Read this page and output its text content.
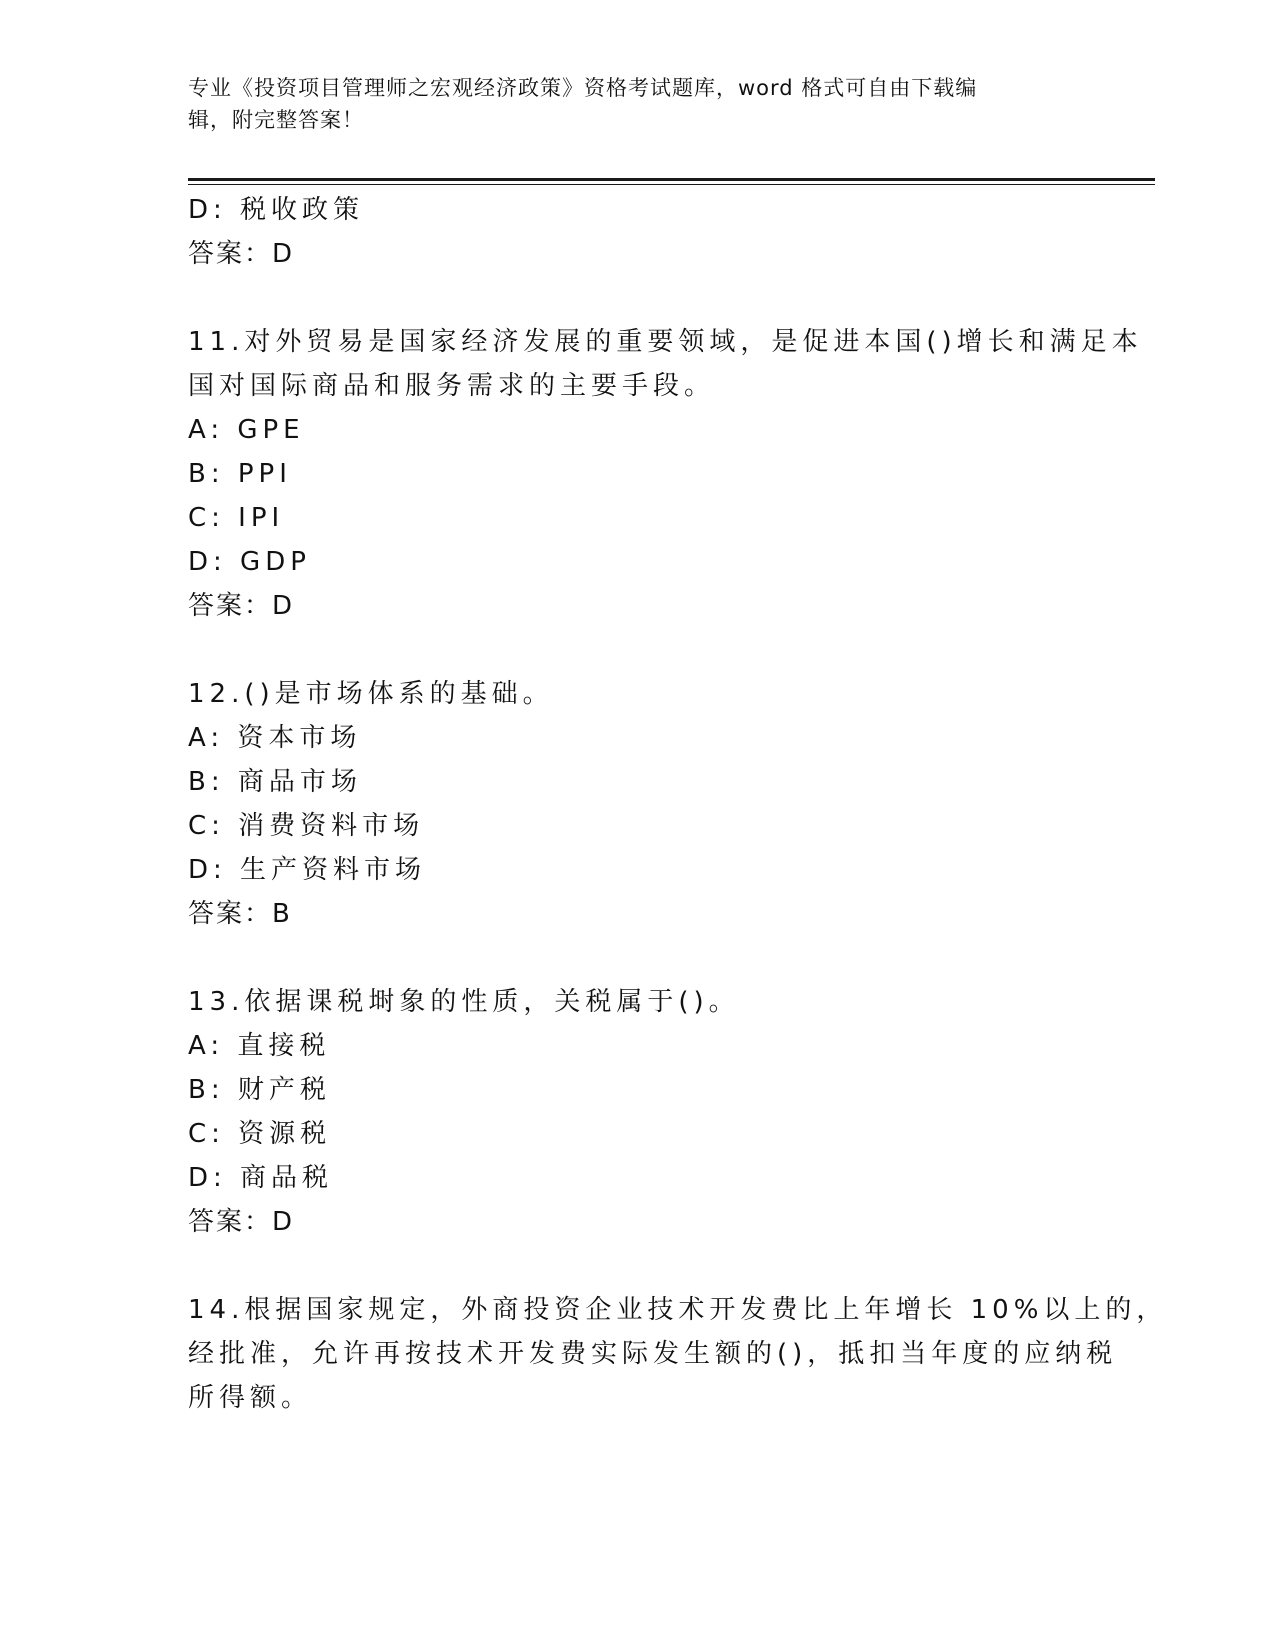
专业《投资项目管理师之宏观经济政策》资格考试题库，word 格式可自由下载编
辑，附完整答案！
D: 税收政策
答案：D
11.对外贸易是国家经济发展的重要领域，是促进本国()增长和满足本
国对国际商品和服务需求的主要手段。
A: GPE
B: PPI
C: IPI
D: GDP
答案：D
12.()是市场体系的基础。
A: 资本市场
B: 商品市场
C: 消费资料市场
D: 生产资料市场
答案：B
13.依据课税埘象的性质，关税属于()。
A: 直接税
B: 财产税
C: 资源税
D: 商品税
答案：D
14.根据国家规定，外商投资企业技术开发费比上年增长 10%以上的，
经批准，允许再按技术开发费实际发生额的()，抵扣当年度的应纳税
所得额。
